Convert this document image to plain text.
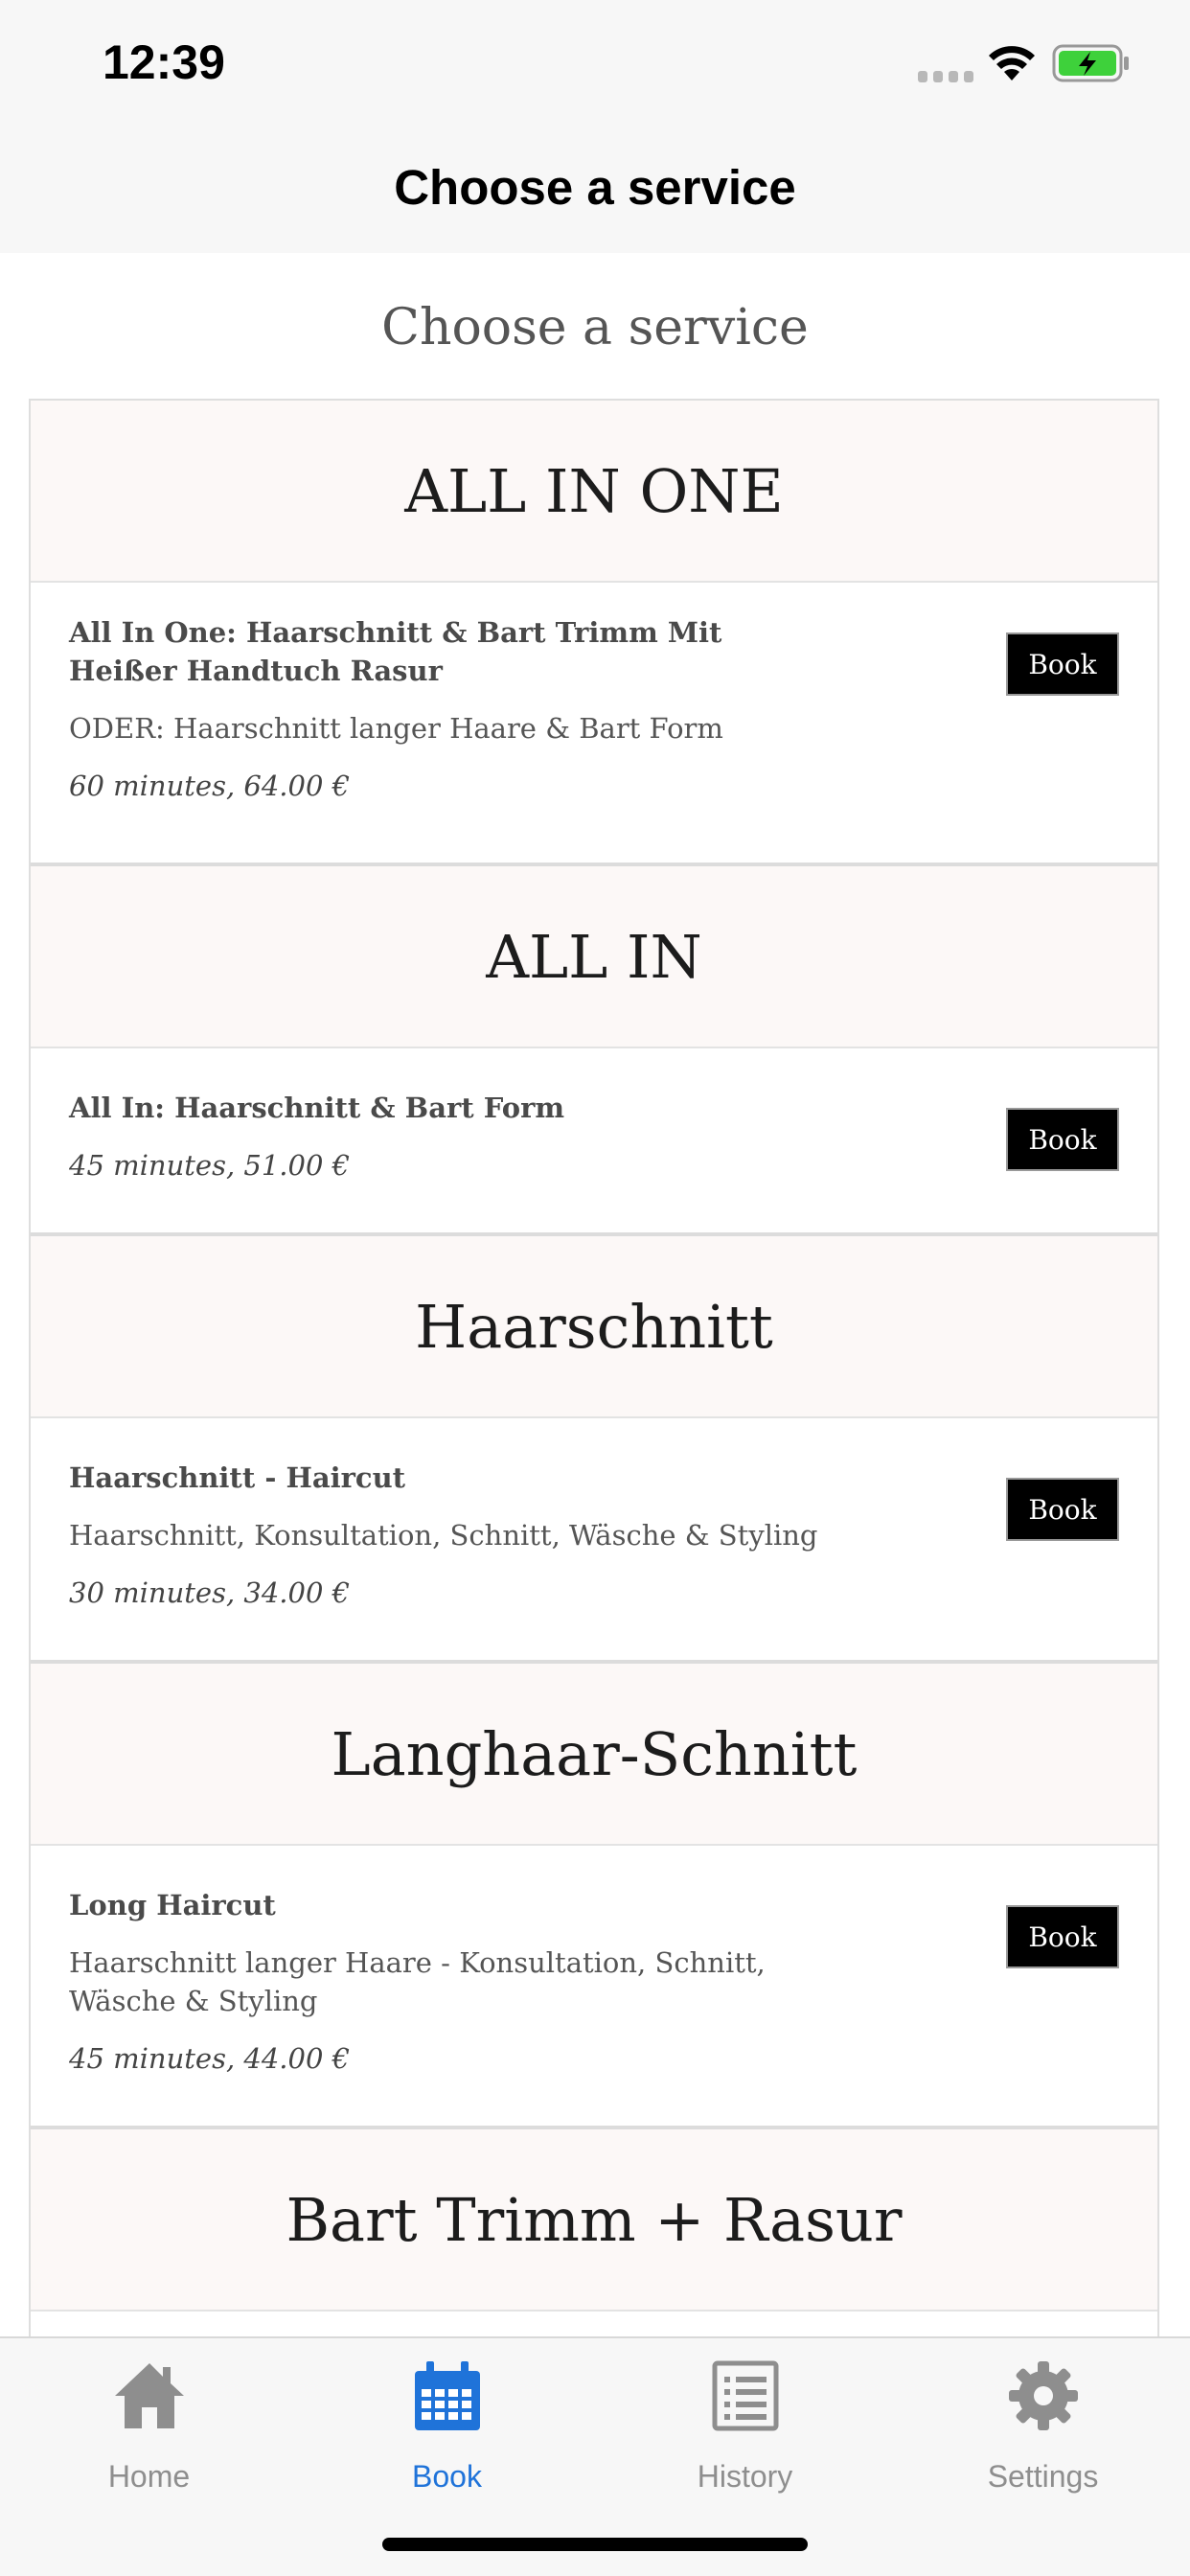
12:39
Choose a service
Choose a service
ALL IN ONE
All In One: Haarschnitt & Bart Trimm Mit Heißer Handtuch Rasur
ODER: Haarschnitt langer Haare & Bart Form
60 minutes, 64.00 €
Book
ALL IN
All In: Haarschnitt & Bart Form
45 minutes, 51.00 €
Book
Haarschnitt
Haarschnitt - Haircut
Haarschnitt, Konsultation, Schnitt, Wäsche & Styling
30 minutes, 34.00 €
Book
Langhaar-Schnitt
Long Haircut
Haarschnitt langer Haare - Konsultation, Schnitt, Wäsche & Styling
45 minutes, 44.00 €
Book
Bart Trimm + Rasur
Home	Book	History	Settings
